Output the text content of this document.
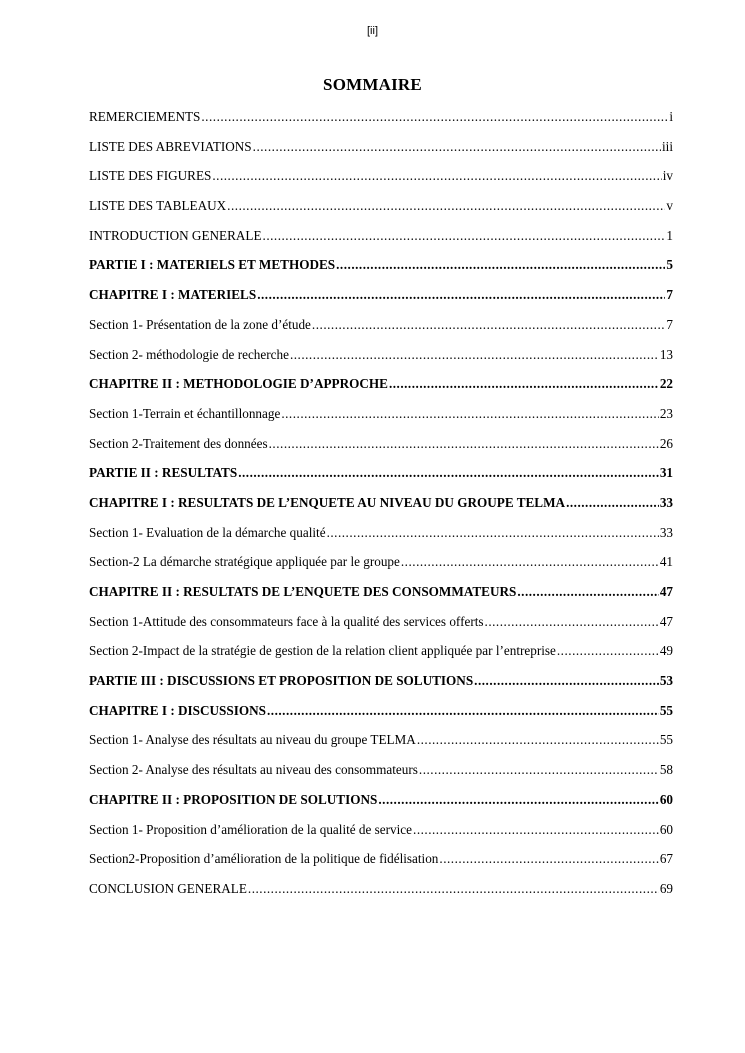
[ii]
SOMMAIRE
REMERCIEMENTS .....	i
LISTE DES ABREVIATIONS .....	iii
LISTE DES FIGURES .....	iv
LISTE DES TABLEAUX .....	v
INTRODUCTION GENERALE .....	1
PARTIE I : MATERIELS ET METHODES .....	5
CHAPITRE I : MATERIELS .....	7
Section 1- Présentation de la zone d’étude .....	7
Section 2- méthodologie de recherche .....	13
CHAPITRE II : METHODOLOGIE D’APPROCHE .....	22
Section 1-Terrain et échantillonnage .....	23
Section 2-Traitement des données .....	26
PARTIE II : RESULTATS .....	31
CHAPITRE I : RESULTATS DE L’ENQUETE AU NIVEAU DU GROUPE TELMA .....	33
Section 1- Evaluation de la démarche qualité .....	33
Section-2 La démarche stratégique appliquée par le groupe .....	41
CHAPITRE II : RESULTATS DE L’ENQUETE DES CONSOMMATEURS .....	47
Section 1-Attitude des consommateurs face à la qualité des services offerts .....	47
Section 2-Impact de la stratégie de gestion de la relation client appliquée par l’entreprise .....	49
PARTIE III : DISCUSSIONS ET PROPOSITION DE SOLUTIONS .....	53
CHAPITRE I : DISCUSSIONS .....	55
Section 1- Analyse des résultats au niveau du groupe TELMA .....	55
Section 2- Analyse des résultats au niveau des consommateurs .....	58
CHAPITRE II : PROPOSITION DE SOLUTIONS .....	60
Section 1- Proposition d’amélioration de la qualité de service .....	60
Section2-Proposition d’amélioration de la politique de fidélisation .....	67
CONCLUSION GENERALE .....	69
